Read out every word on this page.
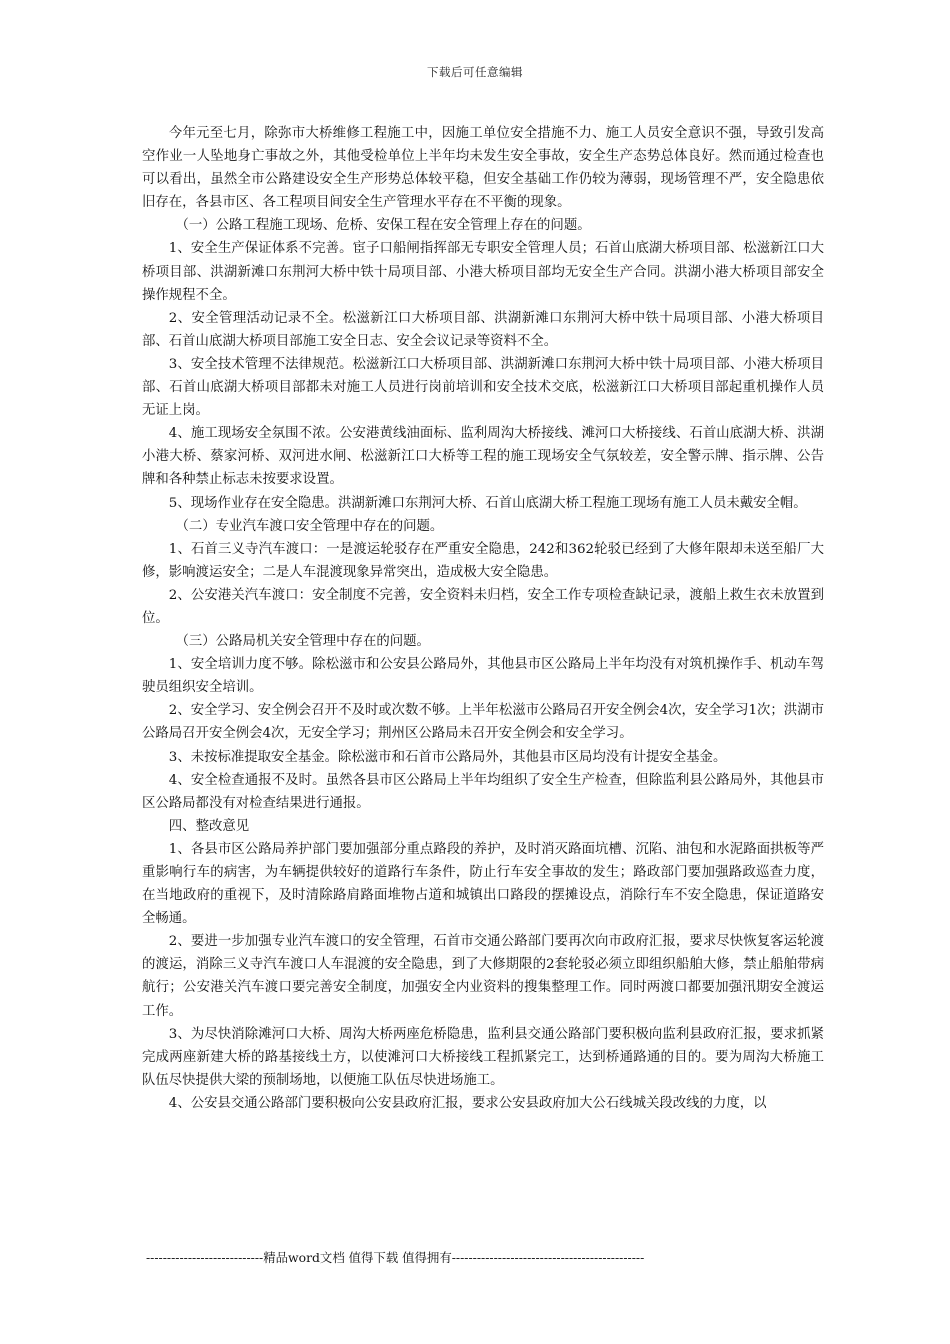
下载后可任意编辑

今年元至七月，除弥市大桥维修工程施工中，因施工单位安全措施不力、施工人员安全意识不强，导致引发高空作业一人坠地身亡事故之外，其他受检单位上半年均未发生安全事故，安全生产态势总体良好。然而通过检查也可以看出，虽然全市公路建设安全生产形势总体较平稳，但安全基础工作仍较为薄弱，现场管理不严，安全隐患依旧存在，各县市区、各工程项目间安全生产管理水平存在不平衡的现象。

（一）公路工程施工现场、危桥、安保工程在安全管理上存在的问题。

1、安全生产保证体系不完善。宦子口船闸指挥部无专职安全管理人员；石首山底湖大桥项目部、松滋新江口大桥项目部、洪湖新滩口东荆河大桥中铁十局项目部、小港大桥项目部均无安全生产合同。洪湖小港大桥项目部安全操作规程不全。

2、安全管理活动记录不全。松滋新江口大桥项目部、洪湖新滩口东荆河大桥中铁十局项目部、小港大桥项目部、石首山底湖大桥项目部施工安全日志、安全会议记录等资料不全。

3、安全技术管理不法律规范。松滋新江口大桥项目部、洪湖新滩口东荆河大桥中铁十局项目部、小港大桥项目部、石首山底湖大桥项目部都未对施工人员进行岗前培训和安全技术交底，松滋新江口大桥项目部起重机操作人员无证上岗。

4、施工现场安全氛围不浓。公安港黄线油面标、监利周沟大桥接线、滩河口大桥接线、石首山底湖大桥、洪湖小港大桥、蔡家河桥、双河进水闸、松滋新江口大桥等工程的施工现场安全气氛较差，安全警示牌、指示牌、公告牌和各种禁止标志未按要求设置。

5、现场作业存在安全隐患。洪湖新滩口东荆河大桥、石首山底湖大桥工程施工现场有施工人员未戴安全帽。

（二）专业汽车渡口安全管理中存在的问题。

1、石首三义寺汽车渡口：一是渡运轮驳存在严重安全隐患，242和362轮驳已经到了大修年限却未送至船厂大修，影响渡运安全；二是人车混渡现象异常突出，造成极大安全隐患。

2、公安港关汽车渡口：安全制度不完善，安全资料未归档，安全工作专项检查缺记录，渡船上救生衣未放置到位。

（三）公路局机关安全管理中存在的问题。

1、安全培训力度不够。除松滋市和公安县公路局外，其他县市区公路局上半年均没有对筑机操作手、机动车驾驶员组织安全培训。

2、安全学习、安全例会召开不及时或次数不够。上半年松滋市公路局召开安全例会4次，安全学习1次；洪湖市公路局召开安全例会4次，无安全学习；荆州区公路局未召开安全例会和安全学习。

3、未按标准提取安全基金。除松滋市和石首市公路局外，其他县市区局均没有计提安全基金。

4、安全检查通报不及时。虽然各县市区公路局上半年均组织了安全生产检查，但除监利县公路局外，其他县市区公路局都没有对检查结果进行通报。

四、整改意见

1、各县市区公路局养护部门要加强部分重点路段的养护，及时消灭路面坑槽、沉陷、油包和水泥路面拱板等严重影响行车的病害，为车辆提供较好的道路行车条件，防止行车安全事故的发生；路政部门要加强路政巡查力度，在当地政府的重视下，及时清除路肩路面堆物占道和城镇出口路段的摆摊设点，消除行车不安全隐患，保证道路安全畅通。

2、要进一步加强专业汽车渡口的安全管理，石首市交通公路部门要再次向市政府汇报，要求尽快恢复客运轮渡的渡运，消除三义寺汽车渡口人车混渡的安全隐患，到了大修期限的2套轮驳必须立即组织船舶大修，禁止船舶带病航行；公安港关汽车渡口要完善安全制度，加强安全内业资料的搜集整理工作。同时两渡口都要加强汛期安全渡运工作。

3、为尽快消除滩河口大桥、周沟大桥两座危桥隐患，监利县交通公路部门要积极向监利县政府汇报，要求抓紧完成两座新建大桥的路基接线土方，以使滩河口大桥接线工程抓紧完工，达到桥通路通的目的。要为周沟大桥施工队伍尽快提供大梁的预制场地，以便施工队伍尽快进场施工。

4、公安县交通公路部门要积极向公安县政府汇报，要求公安县政府加大公石线城关段改线的力度，以

----------------------------精品word文档 值得下载 值得拥有----------------------------------------------
